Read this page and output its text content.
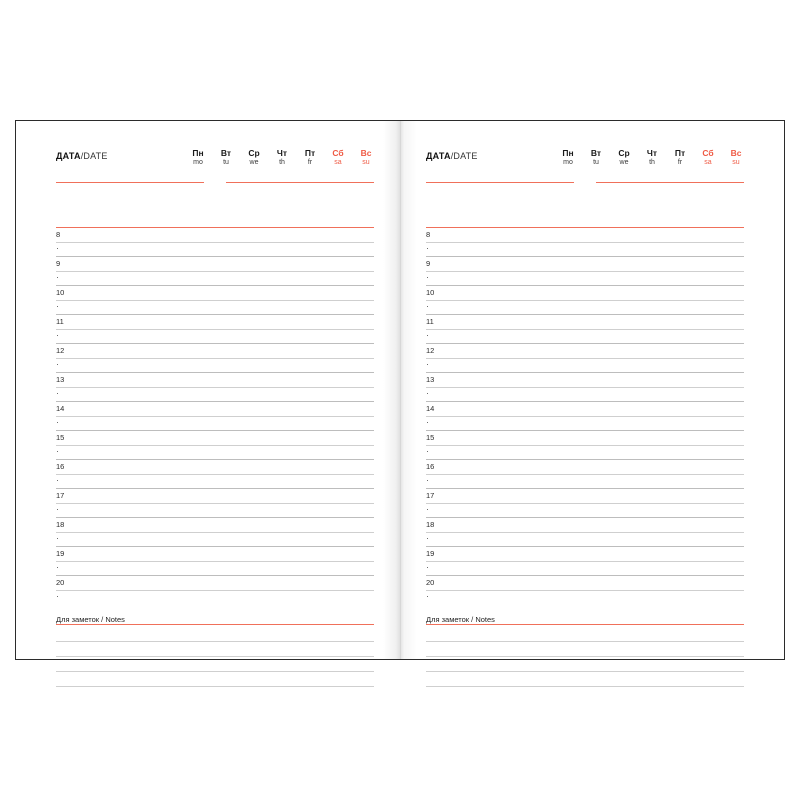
ДАТА/DATE	Пн
mo
Вт
tu
Ср
we
Чт
th
Пт
fr
Сб
sa
Вс
su
8
·
9
·
10
·
11
·
12
·
13
·
14
·
15
·
16
·
17
·
18
·
19
·
20
·
Для заметок / Notes
ДАТА/DATE	Пн
mo
Вт
tu
Ср
we
Чт
th
Пт
fr
Сб
sa
Вс
su
8
·
9
·
10
·
11
·
12
·
13
·
14
·
15
·
16
·
17
·
18
·
19
·
20
·
Для заметок / Notes
